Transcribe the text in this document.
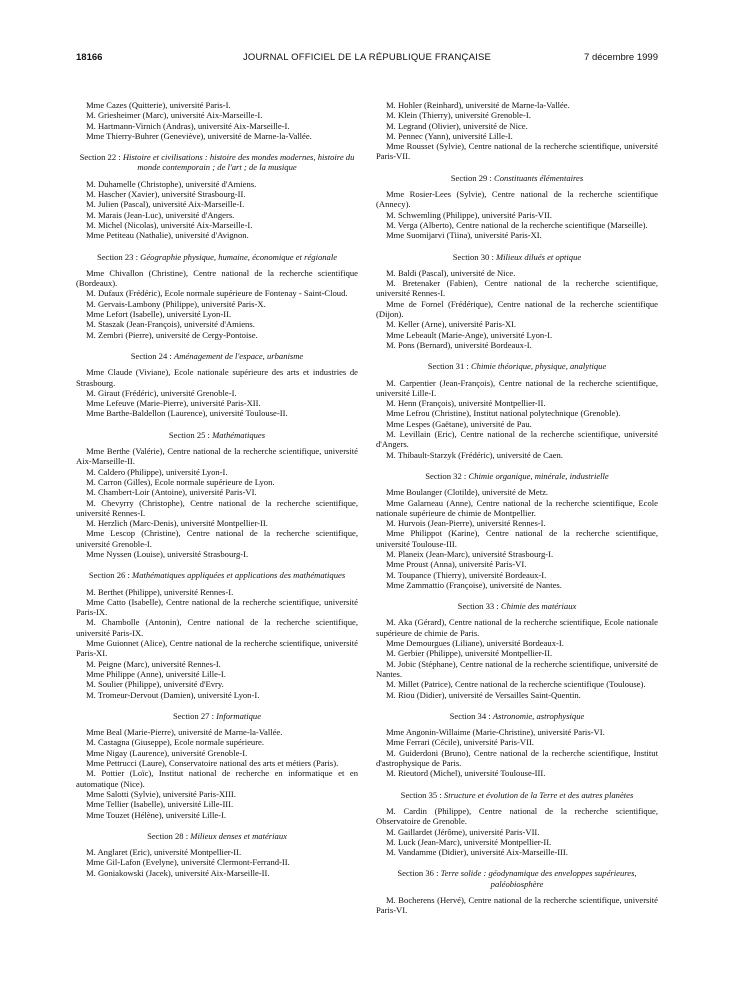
18166	JOURNAL OFFICIEL DE LA RÉPUBLIQUE FRANÇAISE	7 décembre 1999
Mme Cazes (Quitterie), université Paris-I.
M. Griesheimer (Marc), université Aix-Marseille-I.
M. Hartmann-Virnich (Andras), université Aix-Marseille-I.
Mme Thierry-Buhrer (Geneviève), université de Marne-la-Vallée.
Section 22 : Histoire et civilisations : histoire des mondes modernes, histoire du monde contemporain ; de l'art ; de la musique
M. Duhamelle (Christophe), université d'Amiens.
M. Hascher (Xavier), université Strasbourg-II.
M. Julien (Pascal), université Aix-Marseille-I.
M. Marais (Jean-Luc), université d'Angers.
M. Michel (Nicolas), université Aix-Marseille-I.
Mme Petiteau (Nathalie), université d'Avignon.
Section 23 : Géographie physique, humaine, économique et régionale
Mme Chivallon (Christine), Centre national de la recherche scientifique (Bordeaux).
M. Dufaux (Frédéric), Ecole normale supérieure de Fontenay - Saint-Cloud.
M. Gervais-Lambony (Philippe), université Paris-X.
Mme Lefort (Isabelle), université Lyon-II.
M. Staszak (Jean-François), université d'Amiens.
M. Zembri (Pierre), université de Cergy-Pontoise.
Section 24 : Aménagement de l'espace, urbanisme
Mme Claude (Viviane), Ecole nationale supérieure des arts et industries de Strasbourg.
M. Giraut (Frédéric), université Grenoble-I.
Mme Lefeuve (Marie-Pierre), université Paris-XII.
Mme Barthe-Baldellon (Laurence), université Toulouse-II.
Section 25 : Mathématiques
Mme Berthe (Valérie), Centre national de la recherche scientifique, université Aix-Marseille-II.
M. Caldero (Philippe), université Lyon-I.
M. Carron (Gilles), Ecole normale supérieure de Lyon.
M. Chambert-Loir (Antoine), université Paris-VI.
M. Chevyrry (Christophe), Centre national de la recherche scientifique, université Rennes-I.
M. Herzlich (Marc-Denis), université Montpellier-II.
Mme Lescop (Christine), Centre national de la recherche scientifique, université Grenoble-I.
Mme Nyssen (Louise), université Strasbourg-I.
Section 26 : Mathématiques appliquées et applications des mathématiques
M. Berthet (Philippe), université Rennes-I.
Mme Catto (Isabelle), Centre national de la recherche scientifique, université Paris-IX.
M. Chambolle (Antonin), Centre national de la recherche scientifique, université Paris-IX.
Mme Guionnet (Alice), Centre national de la recherche scientifique, université Paris-XI.
M. Peigne (Marc), université Rennes-I.
Mme Philippe (Anne), université Lille-I.
M. Soulier (Philippe), université d'Evry.
M. Tromeur-Dervout (Damien), université Lyon-I.
Section 27 : Informatique
Mme Beal (Marie-Pierre), université de Marne-la-Vallée.
M. Castagna (Giuseppe), Ecole normale supérieure.
Mme Nigay (Laurence), université Grenoble-I.
Mme Pettrucci (Laure), Conservatoire national des arts et métiers (Paris).
M. Pottier (Loïc), Institut national de recherche en informatique et en automatique (Nice).
Mme Salotti (Sylvie), université Paris-XIII.
Mme Tellier (Isabelle), université Lille-III.
Mme Touzet (Hélène), université Lille-I.
Section 28 : Milieux denses et matériaux
M. Anglaret (Eric), université Montpellier-II.
Mme Gil-Lafon (Evelyne), université Clermont-Ferrand-II.
M. Goniakowski (Jacek), université Aix-Marseille-II.
M. Hohler (Reinhard), université de Marne-la-Vallée.
M. Klein (Thierry), université Grenoble-I.
M. Legrand (Olivier), université de Nice.
M. Pennec (Yann), université Lille-I.
Mme Rousset (Sylvie), Centre national de la recherche scientifique, université Paris-VII.
Section 29 : Constituants élémentaires
Mme Rosier-Lees (Sylvie), Centre national de la recherche scientifique (Annecy).
M. Schwemling (Philippe), université Paris-VII.
M. Verga (Alberto), Centre national de la recherche scientifique (Marseille).
Mme Suomijarvi (Tiina), université Paris-XI.
Section 30 : Milieux dilués et optique
M. Baldi (Pascal), université de Nice.
M. Bretenaker (Fabien), Centre national de la recherche scientifique, université Rennes-I.
Mme de Fornel (Frédérique), Centre national de la recherche scientifique (Dijon).
M. Keller (Arne), université Paris-XI.
Mme Lebeault (Marie-Ange), université Lyon-I.
M. Pons (Bernard), université Bordeaux-I.
Section 31 : Chimie théorique, physique, analytique
M. Carpentier (Jean-François), Centre national de la recherche scientifique, université Lille-I.
M. Henn (François), université Montpellier-II.
Mme Lefrou (Christine), Institut national polytechnique (Grenoble).
Mme Lespes (Gaëtane), université de Pau.
M. Levillain (Eric), Centre national de la recherche scientifique, université d'Angers.
M. Thibault-Starzyk (Frédéric), université de Caen.
Section 32 : Chimie organique, minérale, industrielle
Mme Boulanger (Clotilde), université de Metz.
Mme Galarneau (Anne), Centre national de la recherche scientifique, Ecole nationale supérieure de chimie de Montpellier.
M. Hurvois (Jean-Pierre), université Rennes-I.
Mme Philippot (Karine), Centre national de la recherche scientifique, université Toulouse-III.
M. Planeix (Jean-Marc), université Strasbourg-I.
Mme Proust (Anna), université Paris-VI.
M. Toupance (Thierry), université Bordeaux-I.
Mme Zammattio (Françoise), université de Nantes.
Section 33 : Chimie des matériaux
M. Aka (Gérard), Centre national de la recherche scientifique, Ecole nationale supérieure de chimie de Paris.
Mme Demourgues (Liliane), université Bordeaux-I.
M. Gerbier (Philippe), université Montpellier-II.
M. Jobic (Stéphane), Centre national de la recherche scientifique, université de Nantes.
M. Millet (Patrice), Centre national de la recherche scientifique (Toulouse).
M. Riou (Didier), université de Versailles Saint-Quentin.
Section 34 : Astronomie, astrophysique
Mme Angonin-Willaime (Marie-Christine), université Paris-VI.
Mme Ferrari (Cécile), université Paris-VII.
M. Guiderdoni (Bruno), Centre national de la recherche scientifique, Institut d'astrophysique de Paris.
M. Rieutord (Michel), université Toulouse-III.
Section 35 : Structure et évolution de la Terre et des autres planètes
M. Cardin (Philippe), Centre national de la recherche scientifique, Observatoire de Grenoble.
M. Gaillardet (Jérôme), université Paris-VII.
M. Luck (Jean-Marc), université Montpellier-II.
M. Vandamme (Didier), université Aix-Marseille-III.
Section 36 : Terre solide : géodynamique des enveloppes supérieures, paléobiosphère
M. Bocherens (Hervé), Centre national de la recherche scientifique, université Paris-VI.
